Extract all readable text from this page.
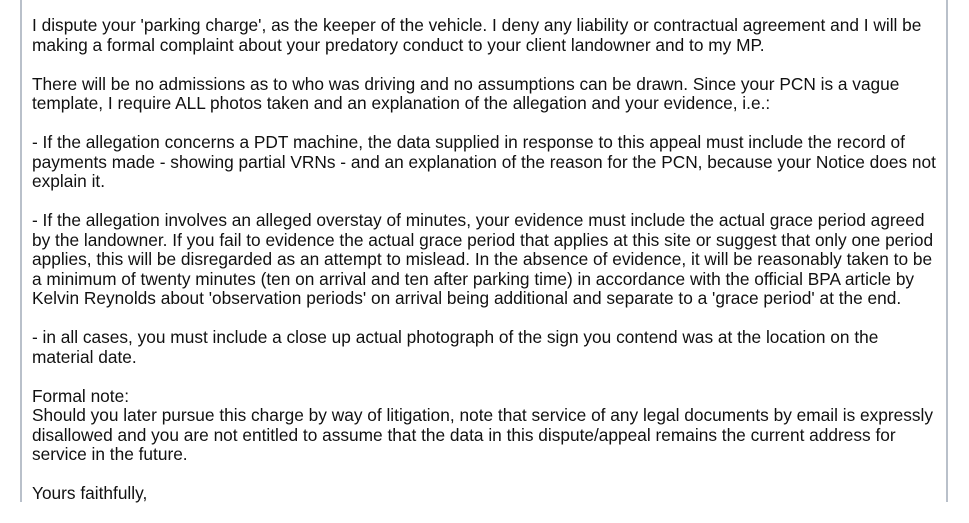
I dispute your 'parking charge', as the keeper of the vehicle. I deny any liability or contractual agreement and I will be making a formal complaint about your predatory conduct to your client landowner and to my MP.

There will be no admissions as to who was driving and no assumptions can be drawn. Since your PCN is a vague template, I require ALL photos taken and an explanation of the allegation and your evidence, i.e.:

- If the allegation concerns a PDT machine, the data supplied in response to this appeal must include the record of payments made - showing partial VRNs - and an explanation of the reason for the PCN, because your Notice does not explain it.

- If the allegation involves an alleged overstay of minutes, your evidence must include the actual grace period agreed by the landowner. If you fail to evidence the actual grace period that applies at this site or suggest that only one period applies, this will be disregarded as an attempt to mislead. In the absence of evidence, it will be reasonably taken to be a minimum of twenty minutes (ten on arrival and ten after parking time) in accordance with the official BPA article by Kelvin Reynolds about 'observation periods' on arrival being additional and separate to a 'grace period' at the end.

- in all cases, you must include a close up actual photograph of the sign you contend was at the location on the material date.

Formal note:

Should you later pursue this charge by way of litigation, note that service of any legal documents by email is expressly disallowed and you are not entitled to assume that the data in this dispute/appeal remains the current address for service in the future.

Yours faithfully,
